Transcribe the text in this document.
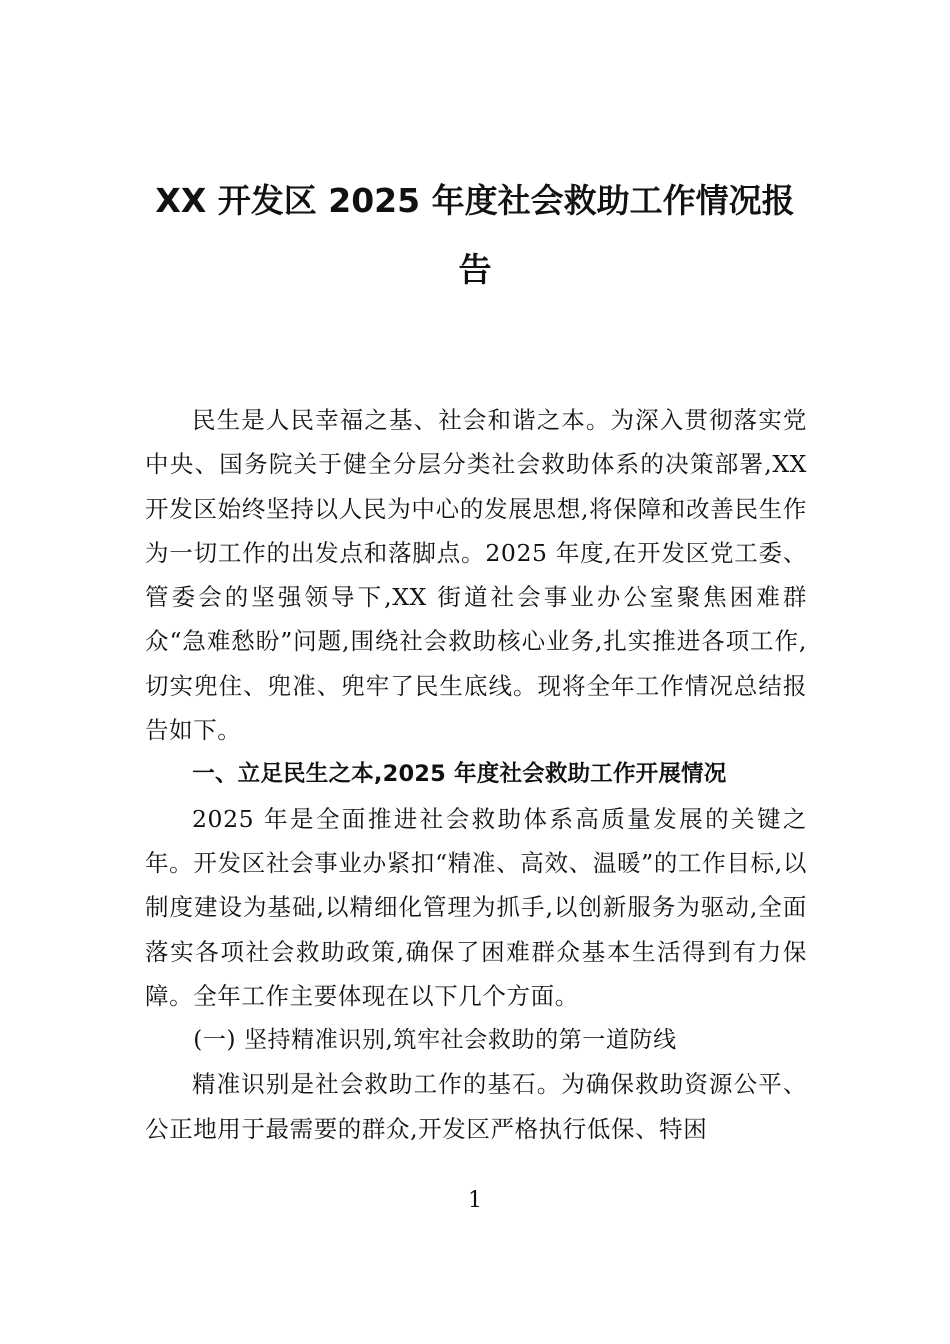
XX 开发区 2025 年度社会救助工作情况报告

民生是人民幸福之基、社会和谐之本。为深入贯彻落实党中央、国务院关于健全分层分类社会救助体系的决策部署,XX 开发区始终坚持以人民为中心的发展思想,将保障和改善民生作为一切工作的出发点和落脚点。2025 年度,在开发区党工委、管委会的坚强领导下,XX 街道社会事业办公室聚焦困难群众“急难愁盼”问题,围绕社会救助核心业务,扎实推进各项工作,切实兜住、兜准、兜牢了民生底线。现将全年工作情况总结报告如下。

一、立足民生之本,2025 年度社会救助工作开展情况

2025 年是全面推进社会救助体系高质量发展的关键之年。开发区社会事业办紧扣“精准、高效、温暖”的工作目标,以制度建设为基础,以精细化管理为抓手,以创新服务为驱动,全面落实各项社会救助政策,确保了困难群众基本生活得到有力保障。全年工作主要体现在以下几个方面。

(一) 坚持精准识别,筑牢社会救助的第一道防线

精准识别是社会救助工作的基石。为确保救助资源公平、公正地用于最需要的群众,开发区严格执行低保、特困

1
